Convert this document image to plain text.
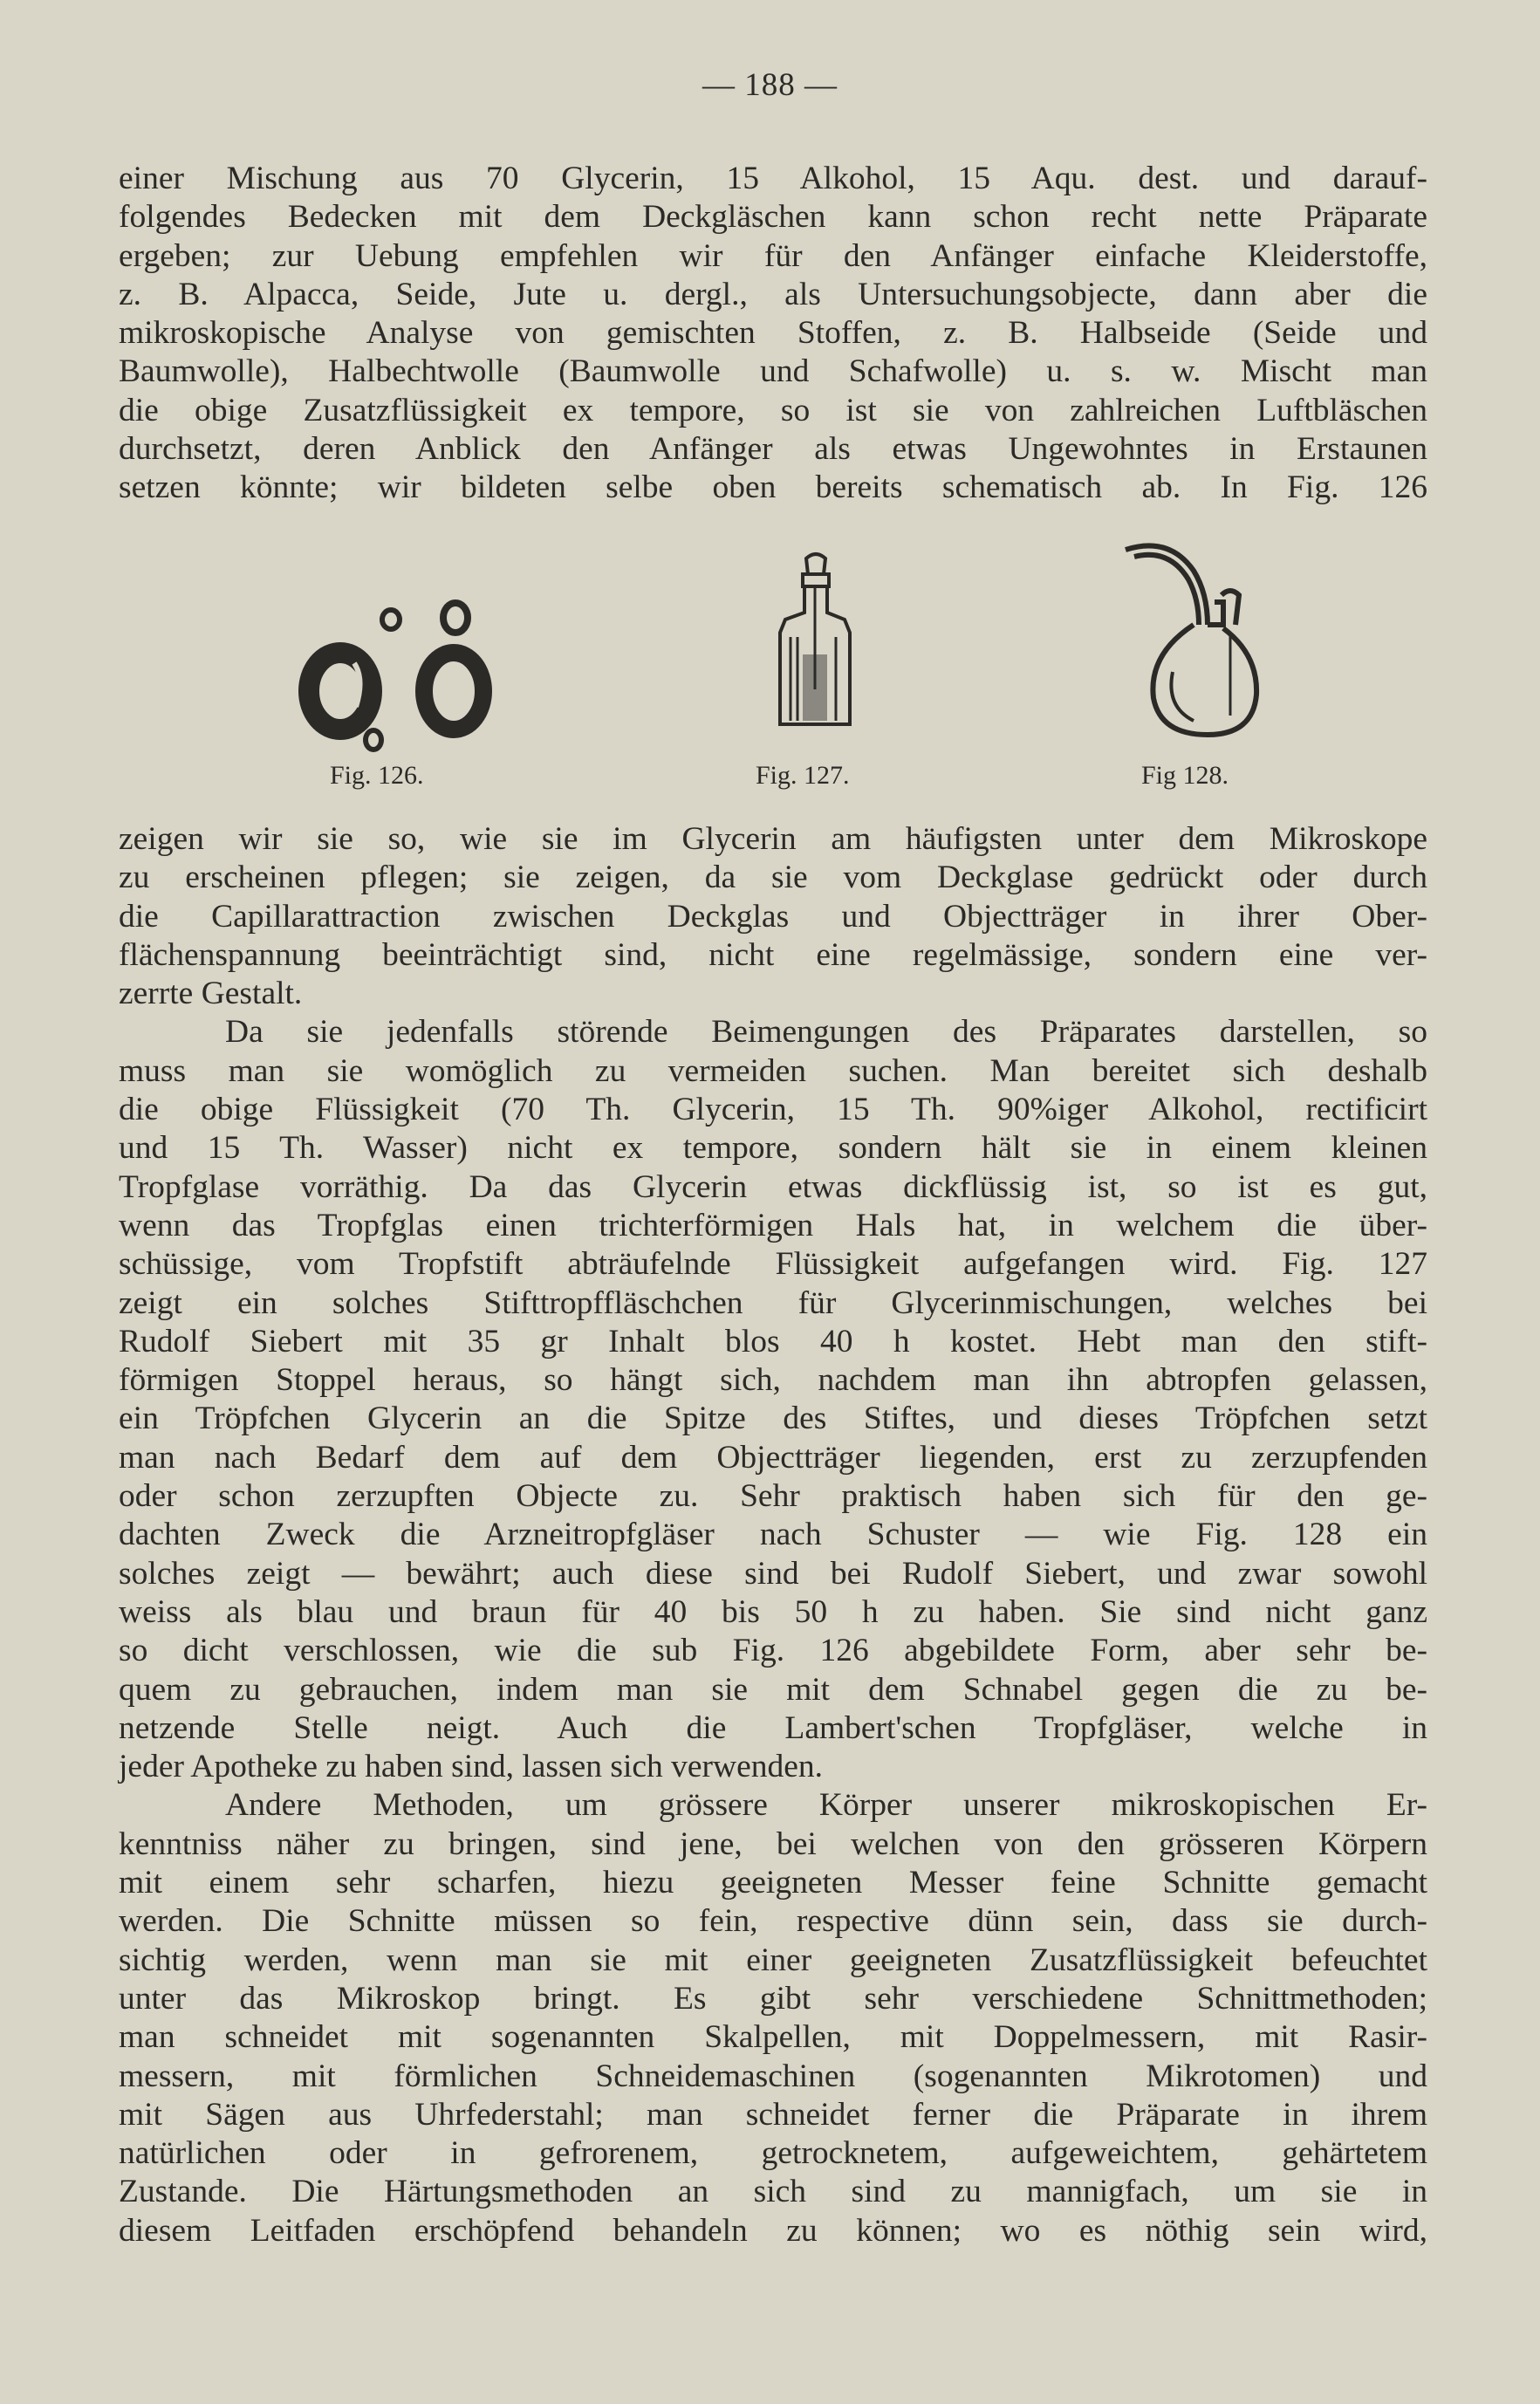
— 188 —
einer Mischung aus 70 Glycerin, 15 Alkohol, 15 Aqu. dest. und darauf-
folgendes Bedecken mit dem Deckgläschen kann schon recht nette Präparate
ergeben; zur Uebung empfehlen wir für den Anfänger einfache Kleiderstoffe,
z. B. Alpacca, Seide, Jute u. dergl., als Untersuchungsobjecte, dann aber die
mikroskopische Analyse von gemischten Stoffen, z. B. Halbseide (Seide und
Baumwolle), Halbechtwolle (Baumwolle und Schafwolle) u. s. w. Mischt man
die obige Zusatzflüssigkeit ex tempore, so ist sie von zahlreichen Luftbläschen
durchsetzt, deren Anblick den Anfänger als etwas Ungewohntes in Erstaunen
setzen könnte; wir bildeten selbe oben bereits schematisch ab. In Fig. 126
Fig. 126.	Fig. 127.	Fig 128.
zeigen wir sie so, wie sie im Glycerin am häufigsten unter dem Mikroskope
zu erscheinen pflegen; sie zeigen, da sie vom Deckglase gedrückt oder durch
die Capillarattraction zwischen Deckglas und Objectträger in ihrer Ober-
flächenspannung beeinträchtigt sind, nicht eine regelmässige, sondern eine ver-
zerrte Gestalt.
Da sie jedenfalls störende Beimengungen des Präparates darstellen, so
muss man sie womöglich zu vermeiden suchen. Man bereitet sich deshalb
die obige Flüssigkeit (70 Th. Glycerin, 15 Th. 90%iger Alkohol, rectificirt
und 15 Th. Wasser) nicht ex tempore, sondern hält sie in einem kleinen
Tropfglase vorräthig. Da das Glycerin etwas dickflüssig ist, so ist es gut,
wenn das Tropfglas einen trichterförmigen Hals hat, in welchem die über-
schüssige, vom Tropfstift abträufelnde Flüssigkeit aufgefangen wird. Fig. 127
zeigt ein solches Stifttropffläschchen für Glycerinmischungen, welches bei
Rudolf Siebert mit 35 gr Inhalt blos 40 h kostet. Hebt man den stift-
förmigen Stoppel heraus, so hängt sich, nachdem man ihn abtropfen gelassen,
ein Tröpfchen Glycerin an die Spitze des Stiftes, und dieses Tröpfchen setzt
man nach Bedarf dem auf dem Objectträger liegenden, erst zu zerzupfenden
oder schon zerzupften Objecte zu. Sehr praktisch haben sich für den ge-
dachten Zweck die Arzneitropfgläser nach Schuster — wie Fig. 128 ein
solches zeigt — bewährt; auch diese sind bei Rudolf Siebert, und zwar sowohl
weiss als blau und braun für 40 bis 50 h zu haben. Sie sind nicht ganz
so dicht verschlossen, wie die sub Fig. 126 abgebildete Form, aber sehr be-
quem zu gebrauchen, indem man sie mit dem Schnabel gegen die zu be-
netzende Stelle neigt. Auch die Lambert'schen Tropfgläser, welche in
jeder Apotheke zu haben sind, lassen sich verwenden.
Andere Methoden, um grössere Körper unserer mikroskopischen Er-
kenntniss näher zu bringen, sind jene, bei welchen von den grösseren Körpern
mit einem sehr scharfen, hiezu geeigneten Messer feine Schnitte gemacht
werden. Die Schnitte müssen so fein, respective dünn sein, dass sie durch-
sichtig werden, wenn man sie mit einer geeigneten Zusatzflüssigkeit befeuchtet
unter das Mikroskop bringt. Es gibt sehr verschiedene Schnittmethoden;
man schneidet mit sogenannten Skalpellen, mit Doppelmessern, mit Rasir-
messern, mit förmlichen Schneidemaschinen (sogenannten Mikrotomen) und
mit Sägen aus Uhrfederstahl; man schneidet ferner die Präparate in ihrem
natürlichen oder in gefrorenem, getrocknetem, aufgeweichtem, gehärtetem
Zustande. Die Härtungsmethoden an sich sind zu mannigfach, um sie in
diesem Leitfaden erschöpfend behandeln zu können; wo es nöthig sein wird,
